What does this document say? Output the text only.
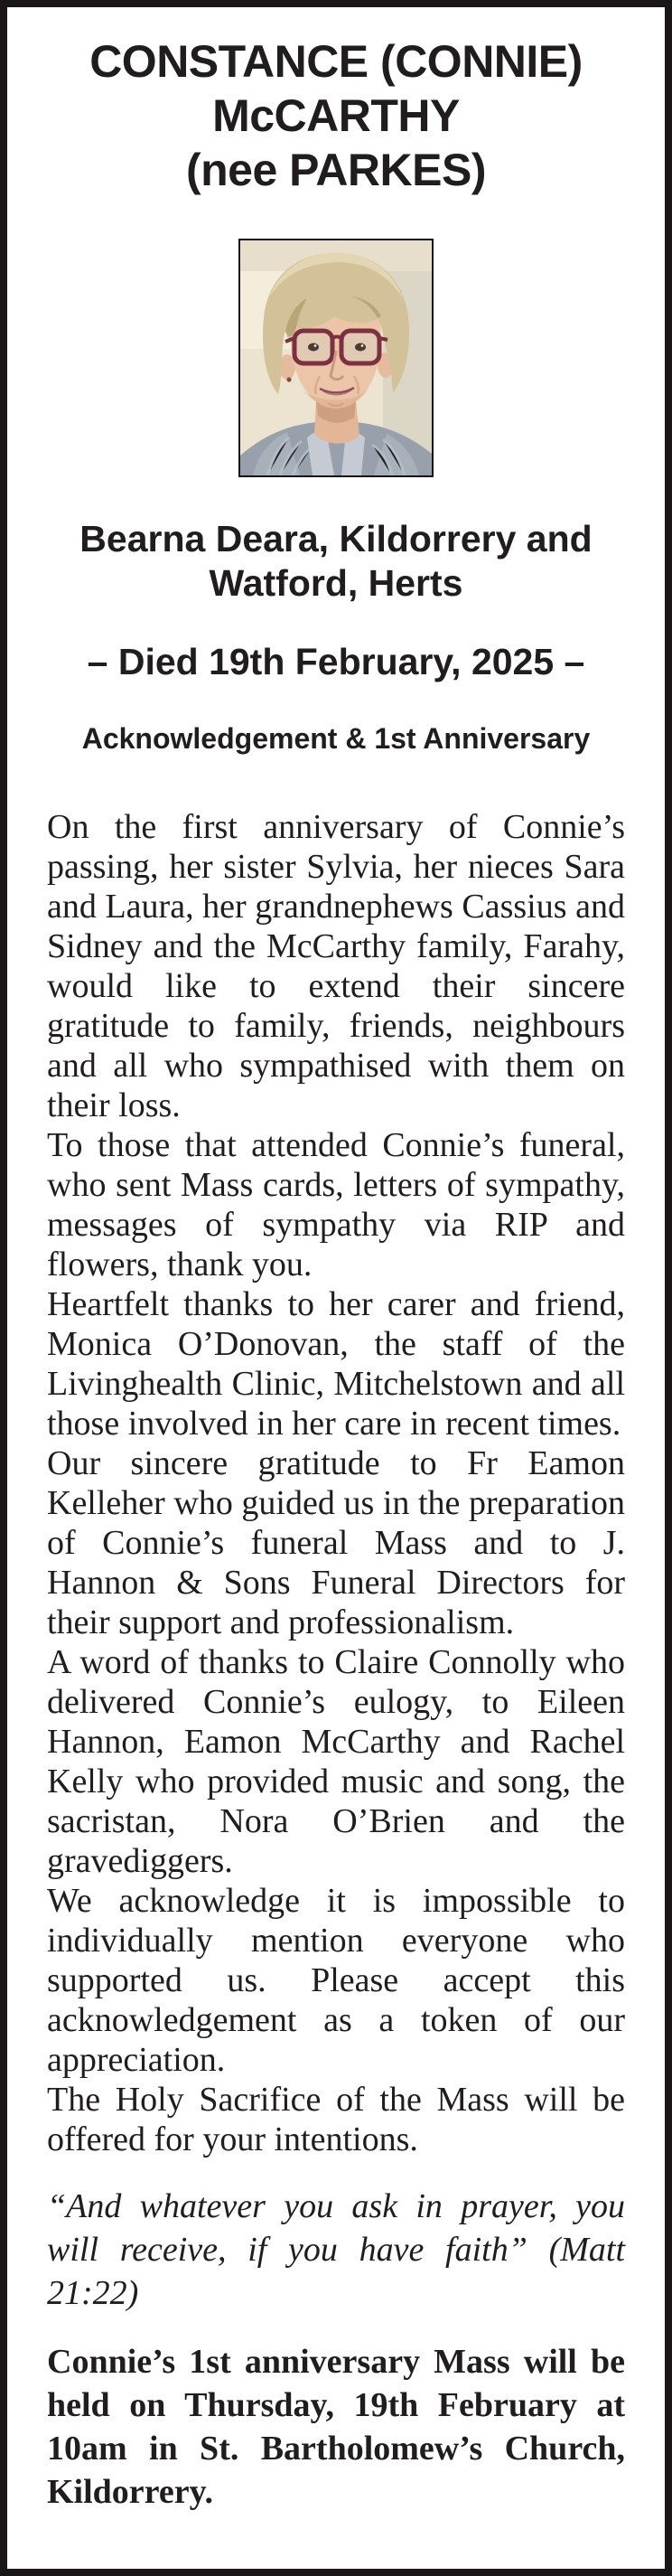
CONSTANCE (CONNIE)
McCARTHY
(nee PARKES)
Bearna Deara, Kildorrery and
Watford, Herts
– Died 19th February, 2025 –
Acknowledgement & 1st Anniversary

On the first anniversary of Connie’s passing, her sister Sylvia, her nieces Sara and Laura, her grandnephews Cassius and Sidney and the McCarthy family, Farahy, would like to extend their sincere gratitude to family, friends, neighbours and all who sympathised with them on their loss.

To those that attended Connie’s funeral, who sent Mass cards, letters of sympathy, messages of sympathy via RIP and flowers, thank you.

Heartfelt thanks to her carer and friend, Monica O’Donovan, the staff of the Livinghealth Clinic, Mitchelstown and all those involved in her care in recent times.

Our sincere gratitude to Fr Eamon Kelleher who guided us in the preparation of Connie’s funeral Mass and to J. Hannon & Sons Funeral Directors for their support and professionalism.

A word of thanks to Claire Connolly who delivered Connie’s eulogy, to Eileen Hannon, Eamon McCarthy and Rachel Kelly who provided music and song, the sacristan, Nora O’Brien and the gravediggers.

We acknowledge it is impossible to individually mention everyone who supported us. Please accept this acknowledgement as a token of our appreciation.

The Holy Sacrifice of the Mass will be offered for your intentions.

“And whatever you ask in prayer, you will receive, if you have faith” (Matt 21:22)

Connie’s 1st anniversary Mass will be held on Thursday, 19th February at 10am in St. Bartholomew’s Church, Kildorrery.
